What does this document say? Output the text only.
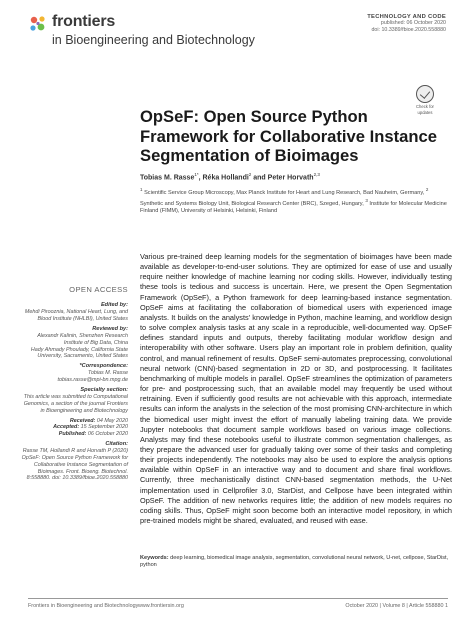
frontiers
in Bioengineering and Biotechnology
TECHNOLOGY AND CODE
published: 06 October 2020
doi: 10.3389/fbioe.2020.558880
Check for
updates
OpSeF: Open Source Python Framework for Collaborative Instance Segmentation of Bioimages
Tobias M. Rasse$^{1*}$, Réka Hollandi$^2$ and Peter Horvath$^{2,3}$
$^1$ Scientific Service Group Microscopy, Max Planck Institute for Heart and Lung Research, Bad Nauheim, Germany, $^2$ Synthetic and Systems Biology Unit, Biological Research Center (BRC), Szeged, Hungary, $^3$ Institute for Molecular Medicine Finland (FIMM), University of Helsinki, Helsinki, Finland
OPEN ACCESS
Edited by:
Mehdi Pirooznia, National Heart, Lung, and Blood Institute (NHLBI), United States
Reviewed by:
Alexandr Kalinin, Shenzhen Research Institute of Big Data, China
Hady Ahmady Phoulady, California State University, Sacramento, United States
*Correspondence:
Tobias M. Rasse
tobias.rasse@mpi-bn.mpg.de
Specialty section:
This article was submitted to Computational Genomics, a section of the journal Frontiers in Bioengineering and Biotechnology
Received: 04 May 2020
Accepted: 15 September 2020
Published: 06 October 2020
Citation:
Rasse TM, Hollandi R and Horvath P (2020) OpSeF: Open Source Python Framework for Collaborative Instance Segmentation of Bioimages. Front. Bioeng. Biotechnol. 8:558880. doi: 10.3389/fbioe.2020.558880
Various pre-trained deep learning models for the segmentation of bioimages have been made available as developer-to-end-user solutions. They are optimized for ease of use and usually require neither knowledge of machine learning nor coding skills. However, individually testing these tools is tedious and success is uncertain. Here, we present the Open Segmentation Framework (OpSeF), a Python framework for deep learning-based instance segmentation. OpSeF aims at facilitating the collaboration of biomedical users with experienced image analysts. It builds on the analysts' knowledge in Python, machine learning, and workflow design to solve complex analysis tasks at any scale in a reproducible, well-documented way. OpSeF defines standard inputs and outputs, thereby facilitating modular workflow design and interoperability with other software. Users play an important role in problem definition, quality control, and manual refinement of results. OpSeF semi-automates preprocessing, convolutional neural network (CNN)-based segmentation in 2D or 3D, and postprocessing. It facilitates benchmarking of multiple models in parallel. OpSeF streamlines the optimization of parameters for pre- and postprocessing such, that an available model may frequently be used without retraining. Even if sufficiently good results are not achievable with this approach, intermediate results can inform the analysts in the selection of the most promising CNN-architecture in which the biomedical user might invest the effort of manually labeling training data. We provide Jupyter notebooks that document sample workflows based on various image collections. Analysts may find these notebooks useful to illustrate common segmentation challenges, as they prepare the advanced user for gradually taking over some of their tasks and completing their projects independently. The notebooks may also be used to explore the analysis options available within OpSeF in an interactive way and to document and share final workflows. Currently, three mechanistically distinct CNN-based segmentation methods, the U-Net implementation used in Cellprofiler 3.0, StarDist, and Cellpose have been integrated within OpSeF. The addition of new networks requires little; the addition of new models requires no coding skills. Thus, OpSeF might soon become both an interactive model repository, in which pre-trained models might be shared, evaluated, and reused with ease.
Keywords: deep learning, biomedical image analysis, segmentation, convolutional neural network, U-net, cellpose, StarDist, python
Frontiers in Bioengineering and Biotechnology www.frontiersin.org	October 2020 | Volume 8 | Article 558880 1
